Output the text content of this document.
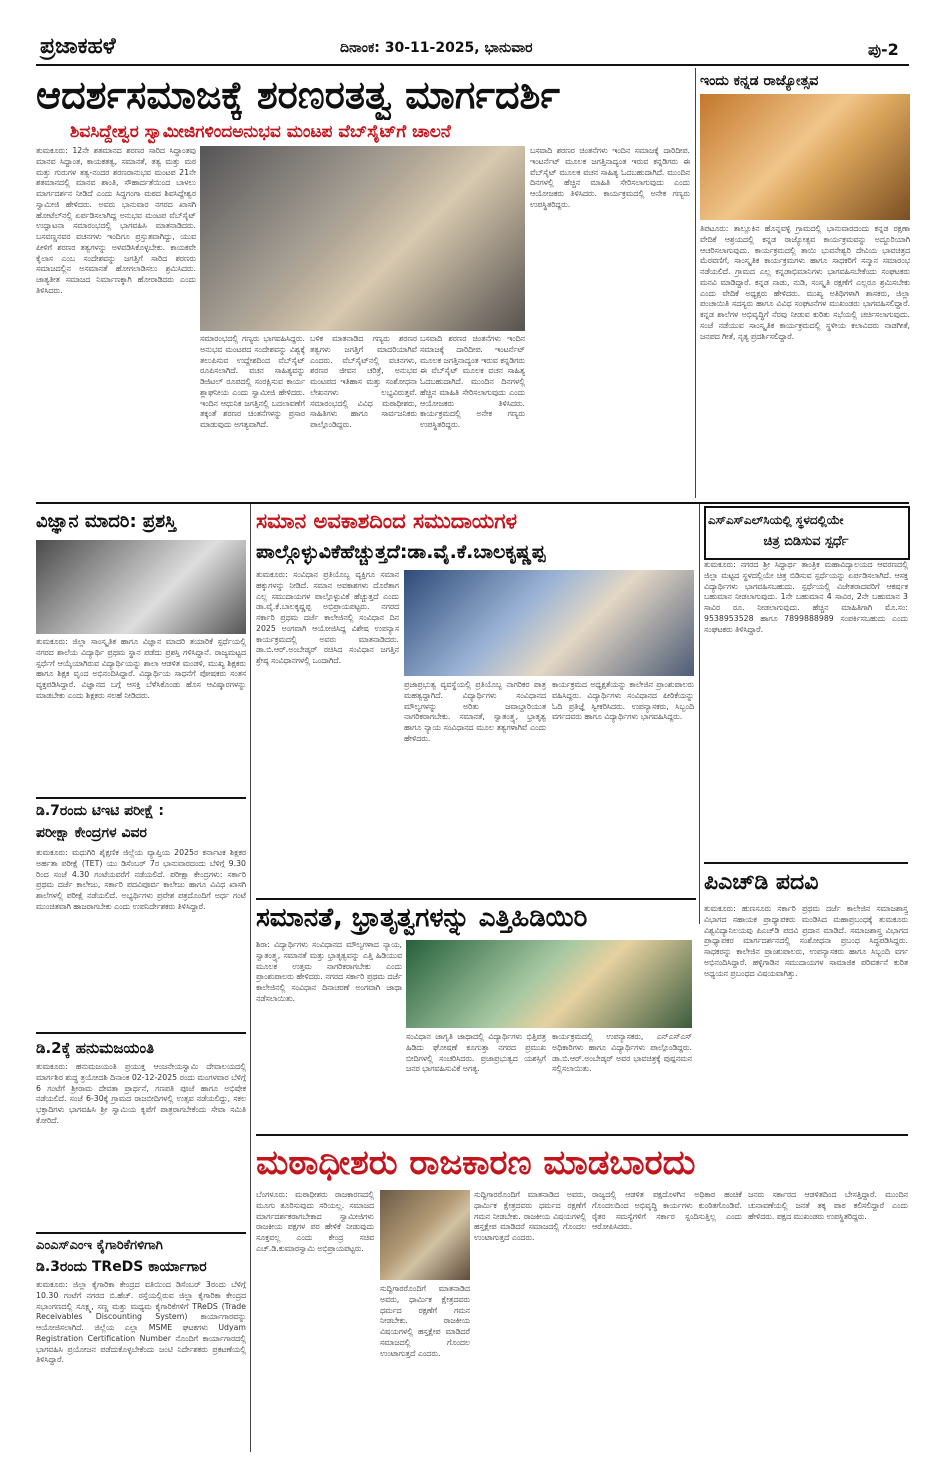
ಪ್ರಜಾಕಹಳೆ	ದಿನಾಂಕ: 30-11-2025, ಭಾನುವಾರ	ಪು-2
ಆದರ್ಶಸಮಾಜಕ್ಕೆ ಶರಣರತತ್ವ ಮಾರ್ಗದರ್ಶಿ
ಶಿವಸಿದ್ದೇಶ್ವರ ಸ್ವಾಮೀಜಿಗಳಿಂದಅನುಭವ ಮಂಟಪ ವೆಬ್‌ಸೈಟ್‌ಗೆ ಚಾಲನೆ
ತುಮಕೂರು: 12ನೇ ಶತಮಾನದ ಶರಣರ ಸಾರಿದ ಸಿದ್ಧಾಂತವು ಮಾನವ ಸಿದ್ದಾಂತ, ಕಾಯಕತತ್ವ, ಸಮಾನತೆ, ತತ್ವ ಮತ್ತು ಮಠ ಮತ್ತು ಗುರುಗಳ ತತ್ವ-ನಂದರ ಶರಣರಾನುಭವ ಮಂಟಪ 21ನೇ ಶತಮಾನದಲ್ಲಿ ಮಾನವ ಶಾಂತಿ, ಸೌಹಾರ್ದತೆಯಿಂದ ಬಾಳಲು ಮಾರ್ಗದರ್ಶನ ನೀಡಿದೆ ಎಂದು ಸಿದ್ಧಗಂಗಾ ಮಠದ ಶಿವಸಿದ್ದೇಶ್ವರ ಸ್ವಾಮೀಜಿ ಹೇಳಿದರು. ಅವರು ಭಾನುವಾರ ನಗರದ ಖಾಸಗಿ ಹೋಟೆಲ್‌ನಲ್ಲಿ ಏರ್ಪಡಿಸಲಾಗಿದ್ದ ಅನುಭವ ಮಂಟಪ ವೆಬ್‌ಸೈಟ್ ಉದ್ಘಾಟನಾ ಸಮಾರಂಭದಲ್ಲಿ ಭಾಗವಹಿಸಿ ಮಾತನಾಡಿದರು. ಬಸವಣ್ಣನವರ ವಚನಗಳು ಇಂದಿಗೂ ಪ್ರಸ್ತುತವಾಗಿದ್ದು, ಯುವ ಪೀಳಿಗೆ ಶರಣರ ತತ್ವಗಳನ್ನು ಅಳವಡಿಸಿಕೊಳ್ಳಬೇಕು. ಕಾಯಕವೇ ಕೈಲಾಸ ಎಂಬ ಸಂದೇಶವನ್ನು ಜಗತ್ತಿಗೆ ಸಾರಿದ ಶರಣರು ಸಮಾಜದಲ್ಲಿನ ಅಸಮಾನತೆ ಹೋಗಲಾಡಿಸಲು ಶ್ರಮಿಸಿದರು. ಜಾತ್ಯತೀತ ಸಮಾಜದ ನಿರ್ಮಾಣಕ್ಕಾಗಿ ಹೋರಾಡಿದರು ಎಂದು ತಿಳಿಸಿದರು.
ಸಮಾರಂಭದಲ್ಲಿ ಗಣ್ಯರು ಭಾಗವಹಿಸಿದ್ದರು. ಅನುಭವ ಮಂಟಪದ ಸಂದೇಶವನ್ನು ವಿಶ್ವಕ್ಕೆ ತಲುಪಿಸುವ ಉದ್ದೇಶದಿಂದ ವೆಬ್‌ಸೈಟ್ ರೂಪಿಸಲಾಗಿದೆ. ವಚನ ಸಾಹಿತ್ಯವನ್ನು ಡಿಜಿಟಲ್ ರೂಪದಲ್ಲಿ ಸಂರಕ್ಷಿಸುವ ಕಾರ್ಯ ಶ್ಲಾಘನೀಯ ಎಂದು ಸ್ವಾಮೀಜಿ ಹೇಳಿದರು. ಇಂದಿನ ಆಧುನಿಕ ಜಗತ್ತಿನಲ್ಲಿ ಬದಲಾವಣೆಗೆ ತಕ್ಕಂತೆ ಶರಣರ ಚಿಂತನೆಗಳನ್ನು ಪ್ರಸಾರ ಮಾಡುವುದು ಅಗತ್ಯವಾಗಿದೆ.
ಬಳಿಕ ಮಾತನಾಡಿದ ಗಣ್ಯರು ಶರಣರ ತತ್ವಗಳು ಜಗತ್ತಿಗೆ ಮಾದರಿಯಾಗಿವೆ ಎಂದರು. ವೆಬ್‌ಸೈಟ್‌ನಲ್ಲಿ ವಚನಗಳು, ಶರಣರ ಜೀವನ ಚರಿತ್ರೆ, ಅನುಭವ ಮಂಟಪದ ಇತಿಹಾಸ ಮತ್ತು ಸಂಶೋಧನಾ ಲೇಖನಗಳು ಲಭ್ಯವಿರುತ್ತವೆ. ಸಮಾರಂಭದಲ್ಲಿ ವಿವಿಧ ಮಠಾಧೀಶರು, ಸಾಹಿತಿಗಳು ಹಾಗೂ ಸಾರ್ವಜನಿಕರು ಪಾಲ್ಗೊಂಡಿದ್ದರು.
ಬಸವಾದಿ ಶರಣರ ಚಿಂತನೆಗಳು ಇಂದಿನ ಸಮಾಜಕ್ಕೆ ದಾರಿದೀಪ. ಇಂಟರ್ನೆಟ್ ಮೂಲಕ ಜಗತ್ತಿನಾದ್ಯಂತ ಇರುವ ಕನ್ನಡಿಗರು ಈ ವೆಬ್‌ಸೈಟ್ ಮೂಲಕ ವಚನ ಸಾಹಿತ್ಯ ಓದಬಹುದಾಗಿದೆ. ಮುಂದಿನ ದಿನಗಳಲ್ಲಿ ಹೆಚ್ಚಿನ ಮಾಹಿತಿ ಸೇರಿಸಲಾಗುವುದು ಎಂದು ಆಯೋಜಕರು ತಿಳಿಸಿದರು. ಕಾರ್ಯಕ್ರಮದಲ್ಲಿ ಅನೇಕ ಗಣ್ಯರು ಉಪಸ್ಥಿತರಿದ್ದರು.
ಬಸವಾದಿ ಶರಣರ ಚಿಂತನೆಗಳು ಇಂದಿನ ಸಮಾಜಕ್ಕೆ ದಾರಿದೀಪ. ಇಂಟರ್ನೆಟ್ ಮೂಲಕ ಜಗತ್ತಿನಾದ್ಯಂತ ಇರುವ ಕನ್ನಡಿಗರು ಈ ವೆಬ್‌ಸೈಟ್ ಮೂಲಕ ವಚನ ಸಾಹಿತ್ಯ ಓದಬಹುದಾಗಿದೆ. ಮುಂದಿನ ದಿನಗಳಲ್ಲಿ ಹೆಚ್ಚಿನ ಮಾಹಿತಿ ಸೇರಿಸಲಾಗುವುದು ಎಂದು ಆಯೋಜಕರು ತಿಳಿಸಿದರು. ಕಾರ್ಯಕ್ರಮದಲ್ಲಿ ಅನೇಕ ಗಣ್ಯರು ಉಪಸ್ಥಿತರಿದ್ದರು.
ಇಂದು ಕನ್ನಡ ರಾಜ್ಯೋತ್ಸವ
ತಿಪಟೂರು: ತಾಲ್ಲೂಕಿನ ಹೊನ್ನವಳ್ಳಿ ಗ್ರಾಮದಲ್ಲಿ ಭಾನುವಾರದಂದು ಕನ್ನಡ ರಕ್ಷಣಾ ವೇದಿಕೆ ಆಶ್ರಯದಲ್ಲಿ ಕನ್ನಡ ರಾಜ್ಯೋತ್ಸವ ಕಾರ್ಯಕ್ರಮವನ್ನು ಅದ್ದೂರಿಯಾಗಿ ಆಚರಿಸಲಾಗುವುದು. ಕಾರ್ಯಕ್ರಮದಲ್ಲಿ ತಾಯಿ ಭುವನೇಶ್ವರಿ ದೇವಿಯ ಭಾವಚಿತ್ರದ ಮೆರವಣಿಗೆ, ಸಾಂಸ್ಕೃತಿಕ ಕಾರ್ಯಕ್ರಮಗಳು ಹಾಗೂ ಸಾಧಕರಿಗೆ ಸನ್ಮಾನ ಸಮಾರಂಭ ನಡೆಯಲಿದೆ. ಗ್ರಾಮದ ಎಲ್ಲ ಕನ್ನಡಾಭಿಮಾನಿಗಳು ಭಾಗವಹಿಸಬೇಕೆಂದು ಸಂಘಟಕರು ಮನವಿ ಮಾಡಿದ್ದಾರೆ. ಕನ್ನಡ ನಾಡು, ನುಡಿ, ಸಂಸ್ಕೃತಿ ರಕ್ಷಣೆಗೆ ಎಲ್ಲರೂ ಶ್ರಮಿಸಬೇಕು ಎಂದು ವೇದಿಕೆ ಅಧ್ಯಕ್ಷರು ಹೇಳಿದರು. ಮುಖ್ಯ ಅತಿಥಿಗಳಾಗಿ ಶಾಸಕರು, ಜಿಲ್ಲಾ ಪಂಚಾಯಿತಿ ಸದಸ್ಯರು ಹಾಗೂ ವಿವಿಧ ಸಂಘಟನೆಗಳ ಮುಖಂಡರು ಭಾಗವಹಿಸಲಿದ್ದಾರೆ. ಕನ್ನಡ ಶಾಲೆಗಳ ಅಭಿವೃದ್ಧಿಗೆ ನೆರವು ನೀಡುವ ಕುರಿತು ಸಭೆಯಲ್ಲಿ ಚರ್ಚಿಸಲಾಗುವುದು. ಸಂಜೆ ನಡೆಯುವ ಸಾಂಸ್ಕೃತಿಕ ಕಾರ್ಯಕ್ರಮದಲ್ಲಿ ಸ್ಥಳೀಯ ಕಲಾವಿದರು ನಾಡಗೀತೆ, ಜನಪದ ಗೀತೆ, ನೃತ್ಯ ಪ್ರದರ್ಶಿಸಲಿದ್ದಾರೆ.
ವಿಜ್ಞಾನ ಮಾದರಿ: ಪ್ರಶಸ್ತಿ
ತುಮಕೂರು: ಜಿಲ್ಲಾ ಸಾಂಸ್ಕೃತಿಕ ಹಾಗೂ ವಿಜ್ಞಾನ ಮಾದರಿ ತಯಾರಿಕೆ ಸ್ಪರ್ಧೆಯಲ್ಲಿ ನಗರದ ಶಾಲೆಯ ವಿದ್ಯಾರ್ಥಿ ಪ್ರಥಮ ಸ್ಥಾನ ಪಡೆದು ಪ್ರಶಸ್ತಿ ಗಳಿಸಿದ್ದಾನೆ. ರಾಜ್ಯಮಟ್ಟದ ಸ್ಪರ್ಧೆಗೆ ಆಯ್ಕೆಯಾಗಿರುವ ವಿದ್ಯಾರ್ಥಿಯನ್ನು ಶಾಲಾ ಆಡಳಿತ ಮಂಡಳಿ, ಮುಖ್ಯ ಶಿಕ್ಷಕರು ಹಾಗೂ ಶಿಕ್ಷಕ ವೃಂದ ಅಭಿನಂದಿಸಿದ್ದಾರೆ. ವಿದ್ಯಾರ್ಥಿಯ ಸಾಧನೆಗೆ ಪೋಷಕರು ಸಂತಸ ವ್ಯಕ್ತಪಡಿಸಿದ್ದಾರೆ. ವಿಜ್ಞಾನದ ಬಗ್ಗೆ ಆಸಕ್ತಿ ಬೆಳೆಸಿಕೊಂಡು ಹೊಸ ಆವಿಷ್ಕಾರಗಳನ್ನು ಮಾಡಬೇಕು ಎಂದು ಶಿಕ್ಷಕರು ಸಲಹೆ ನೀಡಿದರು.
ಡಿ.7ರಂದು ಟಿಇಟಿ ಪರೀಕ್ಷೆ :
ಪರೀಕ್ಷಾ ಕೇಂದ್ರಗಳ ವಿವರ
ತುಮಕೂರು: ಮಧುಗಿರಿ ಶೈಕ್ಷಣಿಕ ಜಿಲ್ಲೆಯ ವ್ಯಾಪ್ತಿಯ 2025ರ ಕರ್ನಾಟಕ ಶಿಕ್ಷಕರ ಅರ್ಹತಾ ಪರೀಕ್ಷೆ (TET) ಯು ಡಿಸೆಂಬರ್ 7ರ ಭಾನುವಾರದಂದು ಬೆಳಿಗ್ಗೆ 9.30 ರಿಂದ ಸಂಜೆ 4.30 ಗಂಟೆಯವರೆಗೆ ನಡೆಯಲಿದೆ. ಪರೀಕ್ಷಾ ಕೇಂದ್ರಗಳು: ಸರ್ಕಾರಿ ಪ್ರಥಮ ದರ್ಜೆ ಕಾಲೇಜು, ಸರ್ಕಾರಿ ಪದವಿಪೂರ್ವ ಕಾಲೇಜು ಹಾಗೂ ವಿವಿಧ ಖಾಸಗಿ ಶಾಲೆಗಳಲ್ಲಿ ಪರೀಕ್ಷೆ ನಡೆಯಲಿದೆ. ಅಭ್ಯರ್ಥಿಗಳು ಪ್ರವೇಶ ಪತ್ರದೊಂದಿಗೆ ಅರ್ಧ ಗಂಟೆ ಮುಂಚಿತವಾಗಿ ಹಾಜರಾಗಬೇಕು ಎಂದು ಉಪನಿರ್ದೇಶಕರು ತಿಳಿಸಿದ್ದಾರೆ.
ಡಿ.2ಕ್ಕೆ ಹನುಮಜಯಂತಿ
ತುಮಕೂರು: ಹನುಮಜಯಂತಿ ಪ್ರಯುಕ್ತ ಆಂಜನೇಯಸ್ವಾಮಿ ದೇವಾಲಯದಲ್ಲಿ ಮಾರ್ಗಶಿರ ಶುದ್ಧ ತ್ರಯೋದಶಿ ದಿನಾಂಕ 02-12-2025 ರಂದು ಮಂಗಳವಾರ ಬೆಳಿಗ್ಗೆ 6 ಗಂಟೆಗೆ ಶ್ರೀರಾಮ ದೇವತಾ ಪ್ರಾರ್ಥನೆ, ಗಣಪತಿ ಪೂಜೆ ಹಾಗೂ ಅಭಿಷೇಕ ನಡೆಯಲಿದೆ. ಸಂಜೆ 6-30ಕ್ಕೆ ಗ್ರಾಮದ ರಾಜಬೀದಿಗಳಲ್ಲಿ ಉತ್ಸವ ನಡೆಯಲಿದ್ದು, ಸಕಲ ಭಕ್ತಾದಿಗಳು ಭಾಗವಹಿಸಿ ಶ್ರೀ ಸ್ವಾಮಿಯ ಕೃಪೆಗೆ ಪಾತ್ರರಾಗಬೇಕೆಂದು ಸೇವಾ ಸಮಿತಿ ಕೋರಿದೆ.
ಎಂಎಸ್‌ಎಂಇ ಕೈಗಾರಿಕೆಗಳಿಗಾಗಿ
ಡಿ.3ರಂದು TReDS ಕಾರ್ಯಾಗಾರ
ತುಮಕೂರು: ಜಿಲ್ಲಾ ಕೈಗಾರಿಕಾ ಕೇಂದ್ರದ ವತಿಯಿಂದ ಡಿಸೆಂಬರ್ 3ರಂದು ಬೆಳಿಗ್ಗೆ 10.30 ಗಂಟೆಗೆ ನಗರದ ಬಿ.ಹೆಚ್. ರಸ್ತೆಯಲ್ಲಿರುವ ಜಿಲ್ಲಾ ಕೈಗಾರಿಕಾ ಕೇಂದ್ರದ ಸಭಾಂಗಣದಲ್ಲಿ ಸೂಕ್ಷ್ಮ, ಸಣ್ಣ ಮತ್ತು ಮಧ್ಯಮ ಕೈಗಾರಿಕೆಗಳಿಗೆ TReDS (Trade Receivables Discounting System) ಕಾರ್ಯಾಗಾರವನ್ನು ಆಯೋಜಿಸಲಾಗಿದೆ. ಜಿಲ್ಲೆಯ ಎಲ್ಲಾ MSME ಘಟಕಗಳು Udyam Registration Certification Number ನೊಂದಿಗೆ ಕಾರ್ಯಾಗಾರದಲ್ಲಿ ಭಾಗವಹಿಸಿ ಪ್ರಯೋಜನ ಪಡೆದುಕೊಳ್ಳಬೇಕೆಂದು ಜಂಟಿ ನಿರ್ದೇಶಕರು ಪ್ರಕಟಣೆಯಲ್ಲಿ ತಿಳಿಸಿದ್ದಾರೆ.
ಸಮಾನ ಅವಕಾಶದಿಂದ ಸಮುದಾಯಗಳ
ಪಾಲ್ಗೊಳ್ಳುವಿಕೆಹೆಚ್ಚುತ್ತದೆ:ಡಾ.ವೈ.ಕೆ.ಬಾಲಕೃಷ್ಣಪ್ಪ
ತುಮಕೂರು: ಸಂವಿಧಾನ ಪ್ರತಿಯೊಬ್ಬ ವ್ಯಕ್ತಿಗೂ ಸಮಾನ ಹಕ್ಕುಗಳನ್ನು ನೀಡಿದೆ. ಸಮಾನ ಅವಕಾಶಗಳು ದೊರೆತಾಗ ಎಲ್ಲ ಸಮುದಾಯಗಳ ಪಾಲ್ಗೊಳ್ಳುವಿಕೆ ಹೆಚ್ಚುತ್ತದೆ ಎಂದು ಡಾ.ವೈ.ಕೆ.ಬಾಲಕೃಷ್ಣಪ್ಪ ಅಭಿಪ್ರಾಯಪಟ್ಟರು. ನಗರದ ಸರ್ಕಾರಿ ಪ್ರಥಮ ದರ್ಜೆ ಕಾಲೇಜಿನಲ್ಲಿ ಸಂವಿಧಾನ ದಿನ 2025 ಅಂಗವಾಗಿ ಆಯೋಜಿಸಿದ್ದ ವಿಶೇಷ ಉಪನ್ಯಾಸ ಕಾರ್ಯಕ್ರಮದಲ್ಲಿ ಅವರು ಮಾತನಾಡಿದರು. ಡಾ.ಬಿ.ಆರ್.ಅಂಬೇಡ್ಕರ್ ರಚಿಸಿದ ಸಂವಿಧಾನ ಜಗತ್ತಿನ ಶ್ರೇಷ್ಠ ಸಂವಿಧಾನಗಳಲ್ಲಿ ಒಂದಾಗಿದೆ.
ಪ್ರಜಾಪ್ರಭುತ್ವ ವ್ಯವಸ್ಥೆಯಲ್ಲಿ ಪ್ರತಿಯೊಬ್ಬ ನಾಗರಿಕರ ಪಾತ್ರ ಮಹತ್ವದ್ದಾಗಿದೆ. ವಿದ್ಯಾರ್ಥಿಗಳು ಸಂವಿಧಾನದ ಮೌಲ್ಯಗಳನ್ನು ಅರಿತು ಜವಾಬ್ದಾರಿಯುತ ನಾಗರಿಕರಾಗಬೇಕು. ಸಮಾನತೆ, ಸ್ವಾತಂತ್ರ್ಯ, ಭ್ರಾತೃತ್ವ ಹಾಗೂ ನ್ಯಾಯ ಸಂವಿಧಾನದ ಮೂಲ ತತ್ವಗಳಾಗಿವೆ ಎಂದು ಹೇಳಿದರು.
ಕಾರ್ಯಕ್ರಮದ ಅಧ್ಯಕ್ಷತೆಯನ್ನು ಕಾಲೇಜಿನ ಪ್ರಾಂಶುಪಾಲರು ವಹಿಸಿದ್ದರು. ವಿದ್ಯಾರ್ಥಿಗಳು ಸಂವಿಧಾನದ ಪೀಠಿಕೆಯನ್ನು ಓದಿ ಪ್ರತಿಜ್ಞೆ ಸ್ವೀಕರಿಸಿದರು. ಉಪನ್ಯಾಸಕರು, ಸಿಬ್ಬಂದಿ ವರ್ಗದವರು ಹಾಗೂ ವಿದ್ಯಾರ್ಥಿಗಳು ಭಾಗವಹಿಸಿದ್ದರು.
ಎಸ್‌ಎಸ್‌ಎಲ್‌ಸಿಯಲ್ಲಿ ಸ್ಥಳದಲ್ಲಿಯೇ
ಚಿತ್ರ ಬಿಡಿಸುವ ಸ್ಪರ್ಧೆ
ತುಮಕೂರು: ನಗರದ ಶ್ರೀ ಸಿದ್ಧಾರ್ಥ ತಾಂತ್ರಿಕ ಮಹಾವಿದ್ಯಾಲಯದ ಆವರಣದಲ್ಲಿ ಜಿಲ್ಲಾ ಮಟ್ಟದ ಸ್ಥಳದಲ್ಲಿಯೇ ಚಿತ್ರ ಬಿಡಿಸುವ ಸ್ಪರ್ಧೆಯನ್ನು ಏರ್ಪಡಿಸಲಾಗಿದೆ. ಆಸಕ್ತ ವಿದ್ಯಾರ್ಥಿಗಳು ಭಾಗವಹಿಸಬಹುದು. ಸ್ಪರ್ಧೆಯಲ್ಲಿ ವಿಜೇತರಾದವರಿಗೆ ಆಕರ್ಷಕ ಬಹುಮಾನ ನೀಡಲಾಗುವುದು. 1ನೇ ಬಹುಮಾನ 4 ಸಾವಿರ, 2ನೇ ಬಹುಮಾನ 3 ಸಾವಿರ ರೂ. ನೀಡಲಾಗುವುದು. ಹೆಚ್ಚಿನ ಮಾಹಿತಿಗಾಗಿ ಮೊ.ಸಂ: 9538953528 ಹಾಗೂ 7899888989 ಸಂಪರ್ಕಿಸಬಹುದು ಎಂದು ಸಂಘಟಕರು ತಿಳಿಸಿದ್ದಾರೆ.
ಪಿಎಚ್‌ಡಿ ಪದವಿ
ತುಮಕೂರು: ಹುಣಸೂರು ಸರ್ಕಾರಿ ಪ್ರಥಮ ದರ್ಜೆ ಕಾಲೇಜಿನ ಸಮಾಜಶಾಸ್ತ್ರ ವಿಭಾಗದ ಸಹಾಯಕ ಪ್ರಾಧ್ಯಾಪಕರು ಮಂಡಿಸಿದ ಮಹಾಪ್ರಬಂಧಕ್ಕೆ ತುಮಕೂರು ವಿಶ್ವವಿದ್ಯಾನಿಲಯವು ಪಿಎಚ್‌ಡಿ ಪದವಿ ಪ್ರದಾನ ಮಾಡಿದೆ. ಸಮಾಜಶಾಸ್ತ್ರ ವಿಭಾಗದ ಪ್ರಾಧ್ಯಾಪಕರ ಮಾರ್ಗದರ್ಶನದಲ್ಲಿ ಸಂಶೋಧನಾ ಪ್ರಬಂಧ ಸಿದ್ಧಪಡಿಸಿದ್ದರು. ಸಾಧಕರನ್ನು ಕಾಲೇಜಿನ ಪ್ರಾಂಶುಪಾಲರು, ಉಪನ್ಯಾಸಕರು ಹಾಗೂ ಸಿಬ್ಬಂದಿ ವರ್ಗ ಅಭಿನಂದಿಸಿದ್ದಾರೆ. ಹಳ್ಳಿಗಾಡಿನ ಸಮುದಾಯಗಳ ಸಾಮಾಜಿಕ ಪರಿವರ್ತನೆ ಕುರಿತ ಅಧ್ಯಯನ ಪ್ರಬಂಧದ ವಿಷಯವಾಗಿತ್ತು.
ಸಮಾನತೆ, ಭ್ರಾತೃತ್ವಗಳನ್ನು ಎತ್ತಿಹಿಡಿಯಿರಿ
ಶಿರಾ: ವಿದ್ಯಾರ್ಥಿಗಳು ಸಂವಿಧಾನದ ಮೌಲ್ಯಗಳಾದ ನ್ಯಾಯ, ಸ್ವಾತಂತ್ರ್ಯ, ಸಮಾನತೆ ಮತ್ತು ಭ್ರಾತೃತ್ವವನ್ನು ಎತ್ತಿ ಹಿಡಿಯುವ ಮೂಲಕ ಉತ್ತಮ ನಾಗರಿಕರಾಗಬೇಕು ಎಂದು ಪ್ರಾಂಶುಪಾಲರು ಹೇಳಿದರು. ನಗರದ ಸರ್ಕಾರಿ ಪ್ರಥಮ ದರ್ಜೆ ಕಾಲೇಜಿನಲ್ಲಿ ಸಂವಿಧಾನ ದಿನಾಚರಣೆ ಅಂಗವಾಗಿ ಜಾಥಾ ನಡೆಸಲಾಯಿತು.
ಸಂವಿಧಾನ ಜಾಗೃತಿ ಜಾಥಾದಲ್ಲಿ ವಿದ್ಯಾರ್ಥಿಗಳು ಭಿತ್ತಿಪತ್ರ ಹಿಡಿದು ಘೋಷಣೆ ಕೂಗುತ್ತಾ ನಗರದ ಪ್ರಮುಖ ಬೀದಿಗಳಲ್ಲಿ ಸಂಚರಿಸಿದರು. ಪ್ರಜಾಪ್ರಭುತ್ವದ ಯಶಸ್ಸಿಗೆ ಜನರ ಭಾಗವಹಿಸುವಿಕೆ ಅಗತ್ಯ.
ಕಾರ್ಯಕ್ರಮದಲ್ಲಿ ಉಪನ್ಯಾಸಕರು, ಎನ್‌ಎಸ್‌ಎಸ್ ಅಧಿಕಾರಿಗಳು ಹಾಗೂ ವಿದ್ಯಾರ್ಥಿಗಳು ಪಾಲ್ಗೊಂಡಿದ್ದರು. ಡಾ.ಬಿ.ಆರ್.ಅಂಬೇಡ್ಕರ್ ಅವರ ಭಾವಚಿತ್ರಕ್ಕೆ ಪುಷ್ಪನಮನ ಸಲ್ಲಿಸಲಾಯಿತು.
ಮಠಾಧೀಶರು ರಾಜಕಾರಣ ಮಾಡಬಾರದು
ಬೆಂಗಳೂರು: ಮಠಾಧೀಶರು ರಾಜಕಾರಣದಲ್ಲಿ ಮೂಗು ತೂರಿಸುವುದು ಸರಿಯಲ್ಲ. ಸಮಾಜದ ಮಾರ್ಗದರ್ಶಕರಾಗಬೇಕಾದ ಸ್ವಾಮೀಜಿಗಳು ರಾಜಕೀಯ ಪಕ್ಷಗಳ ಪರ ಹೇಳಿಕೆ ನೀಡುವುದು ಸೂಕ್ತವಲ್ಲ ಎಂದು ಕೇಂದ್ರ ಸಚಿವ ಎಚ್.ಡಿ.ಕುಮಾರಸ್ವಾಮಿ ಅಭಿಪ್ರಾಯಪಟ್ಟರು.
ಸುದ್ದಿಗಾರರೊಂದಿಗೆ ಮಾತನಾಡಿದ ಅವರು, ಧಾರ್ಮಿಕ ಕ್ಷೇತ್ರದವರು ಧರ್ಮದ ರಕ್ಷಣೆಗೆ ಗಮನ ನೀಡಬೇಕು. ರಾಜಕೀಯ ವಿಷಯಗಳಲ್ಲಿ ಹಸ್ತಕ್ಷೇಪ ಮಾಡಿದರೆ ಸಮಾಜದಲ್ಲಿ ಗೊಂದಲ ಉಂಟಾಗುತ್ತದೆ ಎಂದರು.
ಸುದ್ದಿಗಾರರೊಂದಿಗೆ ಮಾತನಾಡಿದ ಅವರು, ಧಾರ್ಮಿಕ ಕ್ಷೇತ್ರದವರು ಧರ್ಮದ ರಕ್ಷಣೆಗೆ ಗಮನ ನೀಡಬೇಕು. ರಾಜಕೀಯ ವಿಷಯಗಳಲ್ಲಿ ಹಸ್ತಕ್ಷೇಪ ಮಾಡಿದರೆ ಸಮಾಜದಲ್ಲಿ ಗೊಂದಲ ಉಂಟಾಗುತ್ತದೆ ಎಂದರು.
ರಾಜ್ಯದಲ್ಲಿ ಆಡಳಿತ ಪಕ್ಷದೊಳಗಿನ ಅಧಿಕಾರ ಹಂಚಿಕೆ ಗೊಂದಲದಿಂದ ಅಭಿವೃದ್ಧಿ ಕಾರ್ಯಗಳು ಕುಂಠಿತಗೊಂಡಿವೆ. ರೈತರ ಸಮಸ್ಯೆಗಳಿಗೆ ಸರ್ಕಾರ ಸ್ಪಂದಿಸುತ್ತಿಲ್ಲ ಎಂದು ಆರೋಪಿಸಿದರು.
ಜನರು ಸರ್ಕಾರದ ಆಡಳಿತದಿಂದ ಬೇಸತ್ತಿದ್ದಾರೆ. ಮುಂದಿನ ಚುನಾವಣೆಯಲ್ಲಿ ಜನತೆ ತಕ್ಕ ಪಾಠ ಕಲಿಸಲಿದ್ದಾರೆ ಎಂದು ಹೇಳಿದರು. ಪಕ್ಷದ ಮುಖಂಡರು ಉಪಸ್ಥಿತರಿದ್ದರು.
